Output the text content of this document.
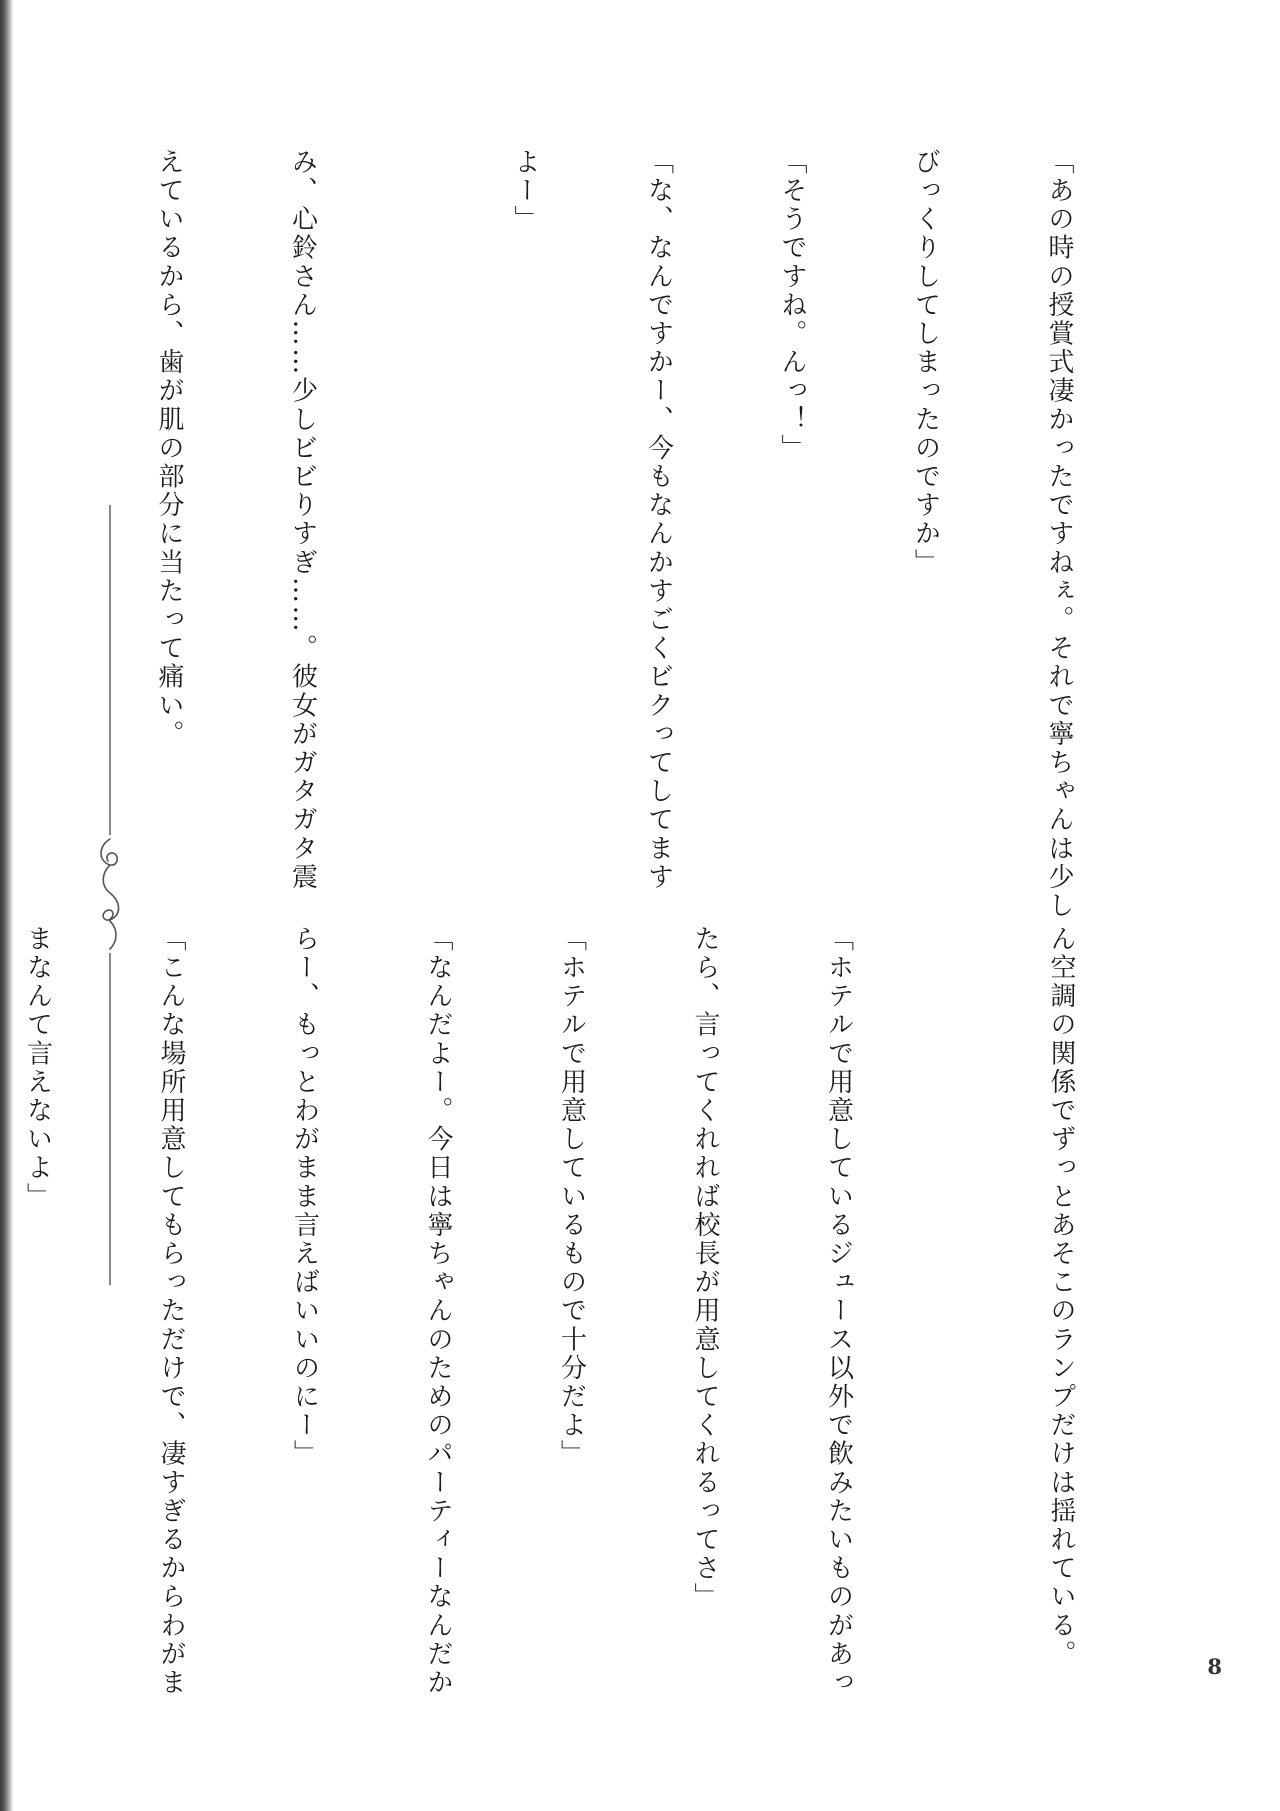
「あの時の授賞式凄かったですねぇ。それで寧ちゃんは少し

びっくりしてしまったのですか」

「そうですね。んっ！」

「な、なんですかー、今もなんかすごくビクってしてます

よー」

み、心鈴さん……少しビビりすぎ……。彼女がガタガタ震

えているから、歯が肌の部分に当たって痛い。

ん空調の関係でずっとあそこのランプだけは揺れている。

「ホテルで用意しているジュース以外で飲みたいものがあっ

たら、言ってくれれば校長が用意してくれるってさ」

「ホテルで用意しているもので十分だよ」

「なんだよー。今日は寧ちゃんのためのパーティーなんだか

らー、もっとわがまま言えばいいのにー」

「こんな場所用意してもらっただけで、凄すぎるからわがま

まなんて言えないよ」

8
